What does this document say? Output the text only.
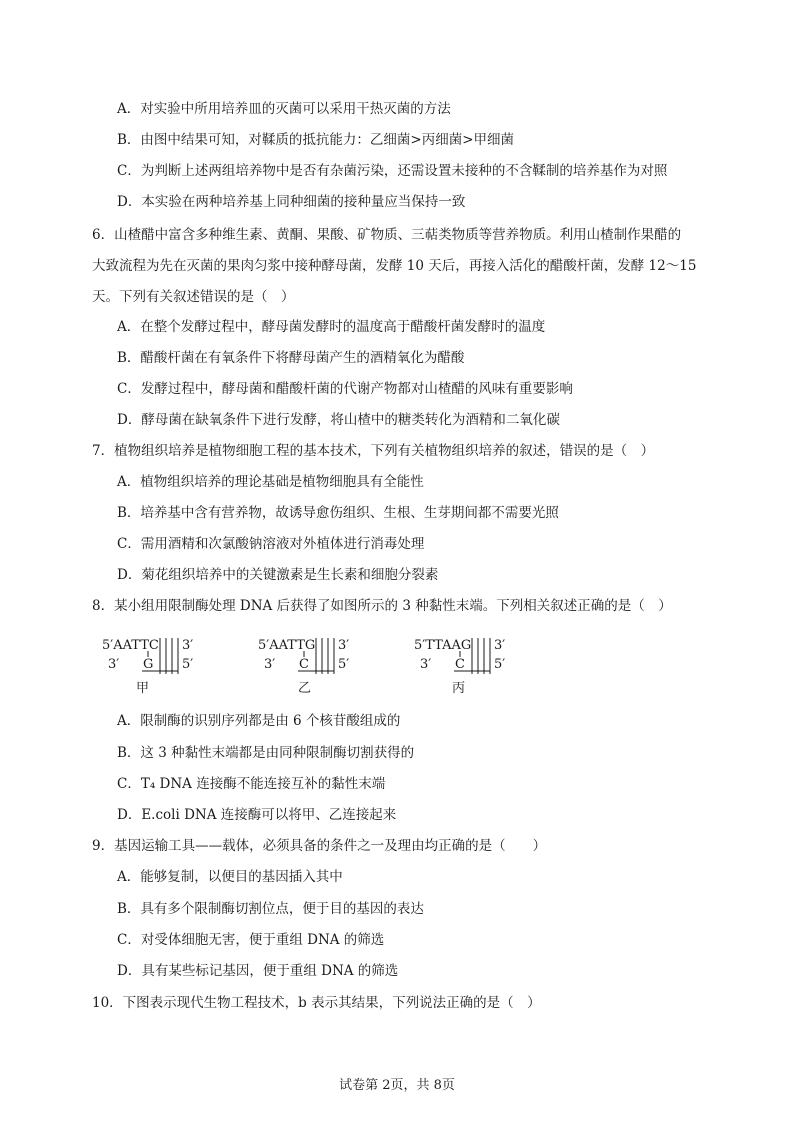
A．对实验中所用培养皿的灭菌可以采用干热灭菌的方法
B．由图中结果可知，对鞣质的抵抗能力：乙细菌>丙细菌>甲细菌
C．为判断上述两组培养物中是否有杂菌污染，还需设置未接种的不含鞣制的培养基作为对照
D．本实验在两种培养基上同种细菌的接种量应当保持一致
6．山楂醋中富含多种维生素、黄酮、果酸、矿物质、三萜类物质等营养物质。利用山楂制作果醋的
大致流程为先在灭菌的果肉匀浆中接种酵母菌，发酵 10 天后，再接入活化的醋酸杆菌，发酵 12～15
天。下列有关叙述错误的是（　）
A．在整个发酵过程中，酵母菌发酵时的温度高于醋酸杆菌发酵时的温度
B．醋酸杆菌在有氧条件下将酵母菌产生的酒精氧化为醋酸
C．发酵过程中，酵母菌和醋酸杆菌的代谢产物都对山楂醋的风味有重要影响
D．酵母菌在缺氧条件下进行发酵，将山楂中的糖类转化为酒精和二氧化碳
7．植物组织培养是植物细胞工程的基本技术，下列有关植物组织培养的叙述，错误的是（　）
A．植物组织培养的理论基础是植物细胞具有全能性
B．培养基中含有营养物，故诱导愈伤组织、生根、生芽期间都不需要光照
C．需用酒精和次氯酸钠溶液对外植体进行消毒处理
D．菊花组织培养中的关键激素是生长素和细胞分裂素
8．某小组用限制酶处理 DNA 后获得了如图所示的 3 种黏性末端。下列相关叙述正确的是（　）
5′AATTC 3′
3′ G 5′
甲
5′AATTG 3′
3′ C 5′
乙
5′TTAAG 3′
3′ C 5′
丙
A．限制酶的识别序列都是由 6 个核苷酸组成的
B．这 3 种黏性末端都是由同种限制酶切割获得的
C．T₄ DNA 连接酶不能连接互补的黏性末端
D．E.coli DNA 连接酶可以将甲、乙连接起来
9．基因运输工具——载体，必须具备的条件之一及理由均正确的是（　　）
A．能够复制，以便目的基因插入其中
B．具有多个限制酶切割位点，便于目的基因的表达
C．对受体细胞无害，便于重组 DNA 的筛选
D．具有某些标记基因，便于重组 DNA 的筛选
10．下图表示现代生物工程技术，b 表示其结果，下列说法正确的是（　）
试卷第 2页，共 8页
